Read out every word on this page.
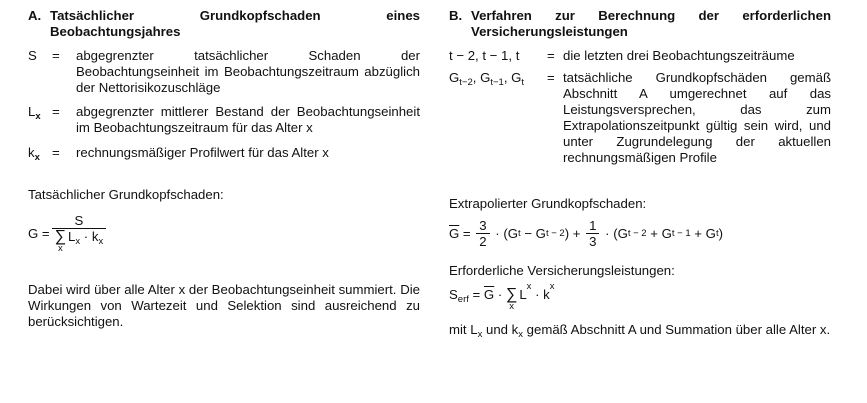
A. Tatsächlicher Grundkopfschaden eines Beobachtungsjahres
S	=	abgegrenzter tatsächlicher Schaden der Beobachtungseinheit im Beobachtungszeitraum abzüglich der Nettorisikozuschläge
$L_x$ =	abgegrenzter mittlerer Bestand der Beobachtungseinheit im Beobachtungszeitraum für das Alter x
$k_x$ =	rechnungsmäßiger Profilwert für das Alter x
Tatsächlicher Grundkopfschaden:
G = S
∑
x
$L_x \cdot k_x$
Dabei wird über alle Alter x der Beobachtungseinheit summiert. Die Wirkungen von Wartezeit und Selektion sind ausreichend zu berücksichtigen.
B. Verfahren zur Berechnung der erforderlichen Versicherungsleistungen
t − 2, t − 1, t	= die letzten drei Beobachtungszeiträume
$G_{t-2}$, $G_{t-1}$, $G_t$	= tatsächliche Grundkopfschäden gemäß Abschnitt A umgerechnet auf das Leistungsversprechen, das zum Extrapolationszeitpunkt gültig sein wird, und unter Zugrundelegung der aktuellen rechnungsmäßigen Profile
Extrapolierter Grundkopfschaden:
$\overline{G} = \frac{3}{2} \cdot (G$ t − G t − 2 ) + $\frac{1}{3} \cdot (G$ t − 2 + G t − 1 + G t )
Erforderliche Versicherungsleistungen:
$S_{erf} = \overline{G}$ · ∑
x
L
x
· k
x
mit $L_x$ und $k_x$ gemäß Abschnitt A und Summation über alle Alter x.
